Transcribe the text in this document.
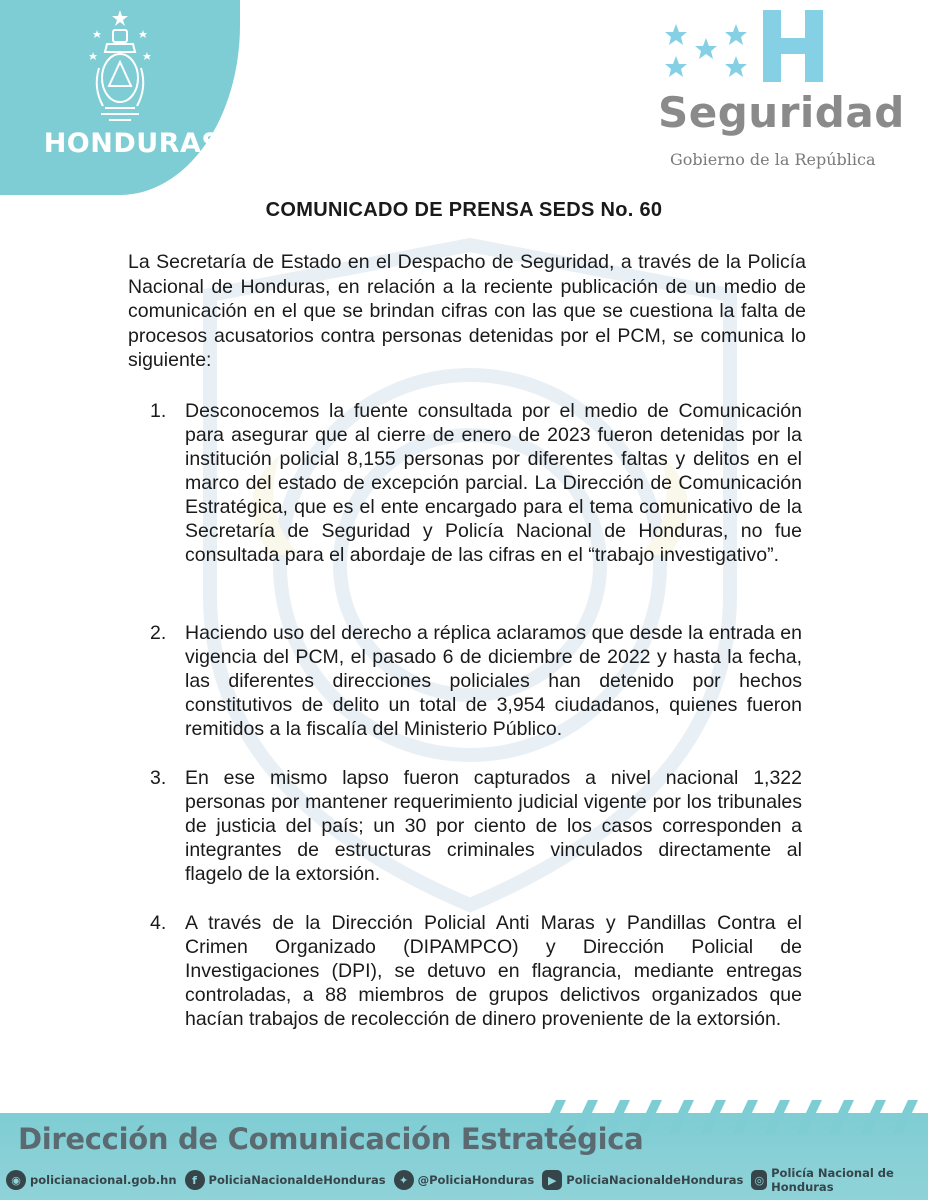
HONDURAS
Seguridad
Gobierno de la República
COMUNICADO DE PRENSA SEDS No. 60
La Secretaría de Estado en el Despacho de Seguridad, a través de la Policía Nacional de Honduras, en relación a la reciente publicación de un medio de comunicación en el que se brindan cifras con las que se cuestiona la falta de procesos acusatorios contra personas detenidas por el PCM, se comunica lo siguiente:
1. Desconocemos la fuente consultada por el medio de Comunicación para asegurar que al cierre de enero de 2023 fueron detenidas por la institución policial 8,155 personas por diferentes faltas y delitos en el marco del estado de excepción parcial. La Dirección de Comunicación Estratégica, que es el ente encargado para el tema comunicativo de la Secretaría de Seguridad y Policía Nacional de Honduras, no fue consultada para el abordaje de las cifras en el “trabajo investigativo”.
2. Haciendo uso del derecho a réplica aclaramos que desde la entrada en vigencia del PCM, el pasado 6 de diciembre de 2022 y hasta la fecha, las diferentes direcciones policiales han detenido por hechos constitutivos de delito un total de 3,954 ciudadanos, quienes fueron remitidos a la fiscalía del Ministerio Público.
3. En ese mismo lapso fueron capturados a nivel nacional 1,322 personas por mantener requerimiento judicial vigente por los tribunales de justicia del país; un 30 por ciento de los casos corresponden a integrantes de estructuras criminales vinculados directamente al flagelo de la extorsión.
4. A través de la Dirección Policial Anti Maras y Pandillas Contra el Crimen Organizado (DIPAMPCO) y Dirección Policial de Investigaciones (DPI), se detuvo en flagrancia, mediante entregas controladas, a 88 miembros de grupos delictivos organizados que hacían trabajos de recolección de dinero proveniente de la extorsión.
Dirección de Comunicación Estratégica
◉ policianacional.gob.hn	f	PoliciaNacionaldeHonduras	✦ @PoliciaHonduras	▶ PoliciaNacionaldeHonduras ◎ Policía Nacional de Honduras
